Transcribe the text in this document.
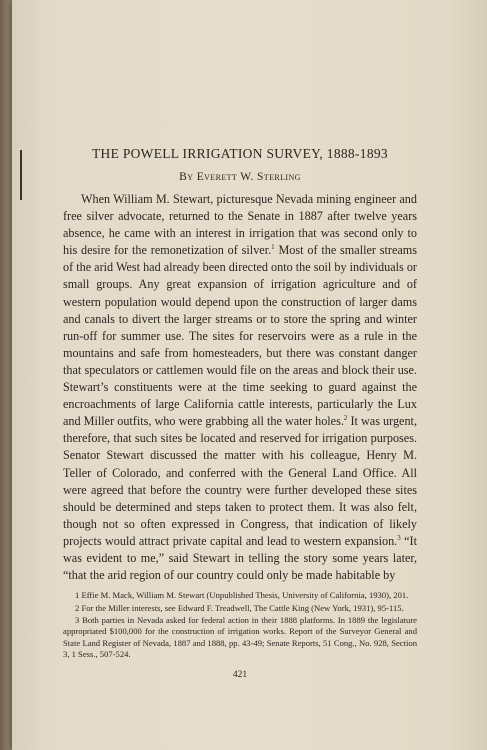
THE POWELL IRRIGATION SURVEY, 1888-1893
By Everett W. Sterling

When William M. Stewart, picturesque Nevada mining engineer and free silver advocate, returned to the Senate in 1887 after twelve years absence, he came with an interest in irrigation that was second only to his desire for the remonetization of silver.$^1$ Most of the smaller streams of the arid West had already been directed onto the soil by individuals or small groups. Any great expansion of irrigation agriculture and of western population would depend upon the construction of larger dams and canals to divert the larger streams or to store the spring and winter run-off for summer use. The sites for reservoirs were as a rule in the mountains and safe from homesteaders, but there was constant danger that speculators or cattlemen would file on the areas and block their use. Stewart’s constituents were at the time seeking to guard against the encroachments of large California cattle interests, particularly the Lux and Miller outfits, who were grabbing all the water holes.$^2$ It was urgent, therefore, that such sites be located and reserved for irrigation purposes. Senator Stewart discussed the matter with his colleague, Henry M. Teller of Colorado, and conferred with the General Land Office. All were agreed that before the country were further developed these sites should be determined and steps taken to protect them. It was also felt, though not so often expressed in Congress, that indication of likely projects would attract private capital and lead to western expansion.$^3$ “It was evident to me,” said Stewart in telling the story some years later, “that the arid region of our country could only be made habitable by

1 Effie M. Mack, William M. Stewart (Unpublished Thesis, University of California, 1930), 201.

2 For the Miller interests, see Edward F. Treadwell, The Cattle King (New York, 1931), 95-115.

3 Both parties in Nevada asked for federal action in their 1888 platforms. In 1889 the legislature appropriated $100,000 for the construction of irrigation works. Report of the Surveyor General and State Land Register of Nevada, 1887 and 1888, pp. 43-49; Senate Reports, 51 Cong., No. 928, Section 3, 1 Sess., 507-524.

421
